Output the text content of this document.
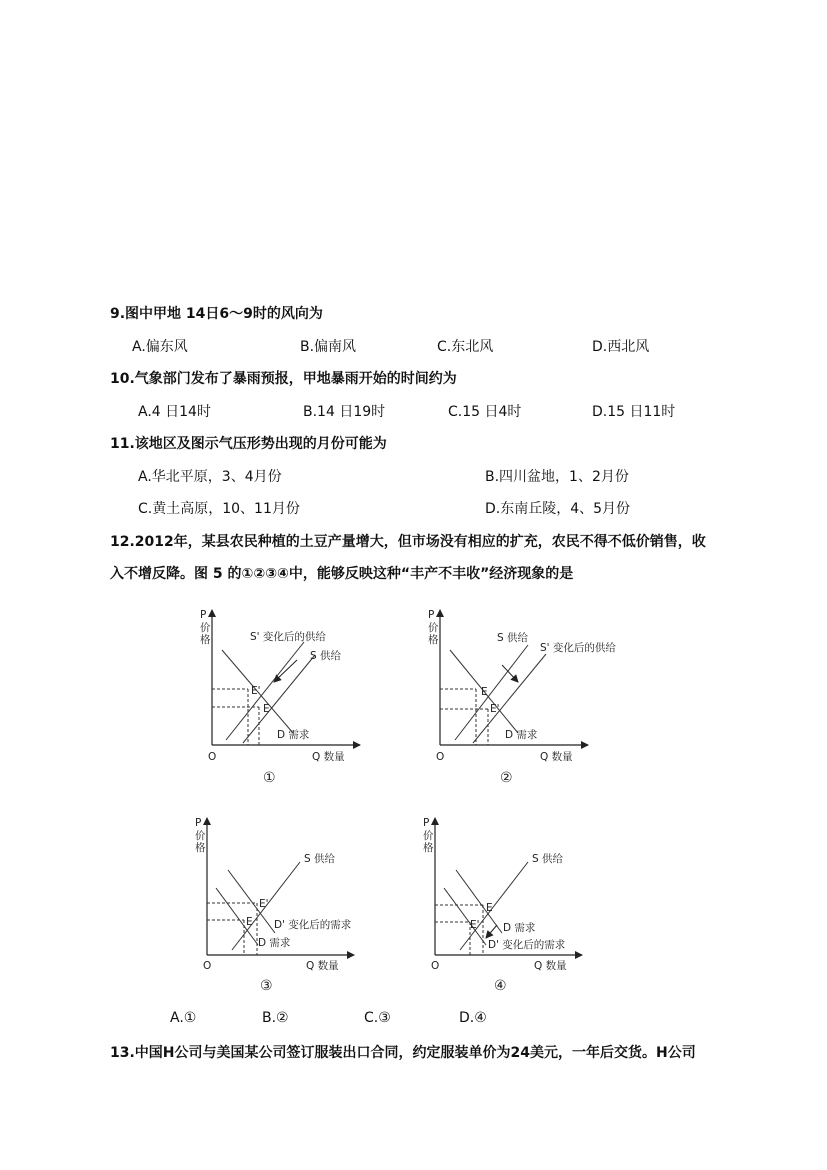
9.图中甲地 14日6～9时的风向为
A.偏东风	B.偏南风	C.东北风	D.西北风
10.气象部门发布了暴雨预报，甲地暴雨开始的时间约为
A.4 日14时	B.14 日19时	C.15 日4时	D.15 日11时
11.该地区及图示气压形势出现的月份可能为
A.华北平原，3、4月份	B.四川盆地，1、2月份
C.黄土高原，10、11月份	D.东南丘陵，4、5月份
12.2012年，某县农民种植的土豆产量增大，但市场没有相应的扩充，农民不得不低价销售，收
入不增反降。图 5 的①②③④中，能够反映这种“丰产不丰收”经济现象的是
P
价
格
O	Q 数量
S' 变化后的供给
S 供给
E'
E
D 需求
①
P
价
格
O	Q 数量
S 供给
S' 变化后的供给
E
E'
D 需求
②
P
价
格
O	Q 数量
S 供给
E'
E D' 变化后的需求
D 需求
③
P
价
格
O	Q 数量
S 供给
E
E' D 需求
D' 变化后的需求
④
A.①	B.②	C.③	D.④
13.中国H公司与美国某公司签订服装出口合同，约定服装单价为24美元，一年后交货。H公司
